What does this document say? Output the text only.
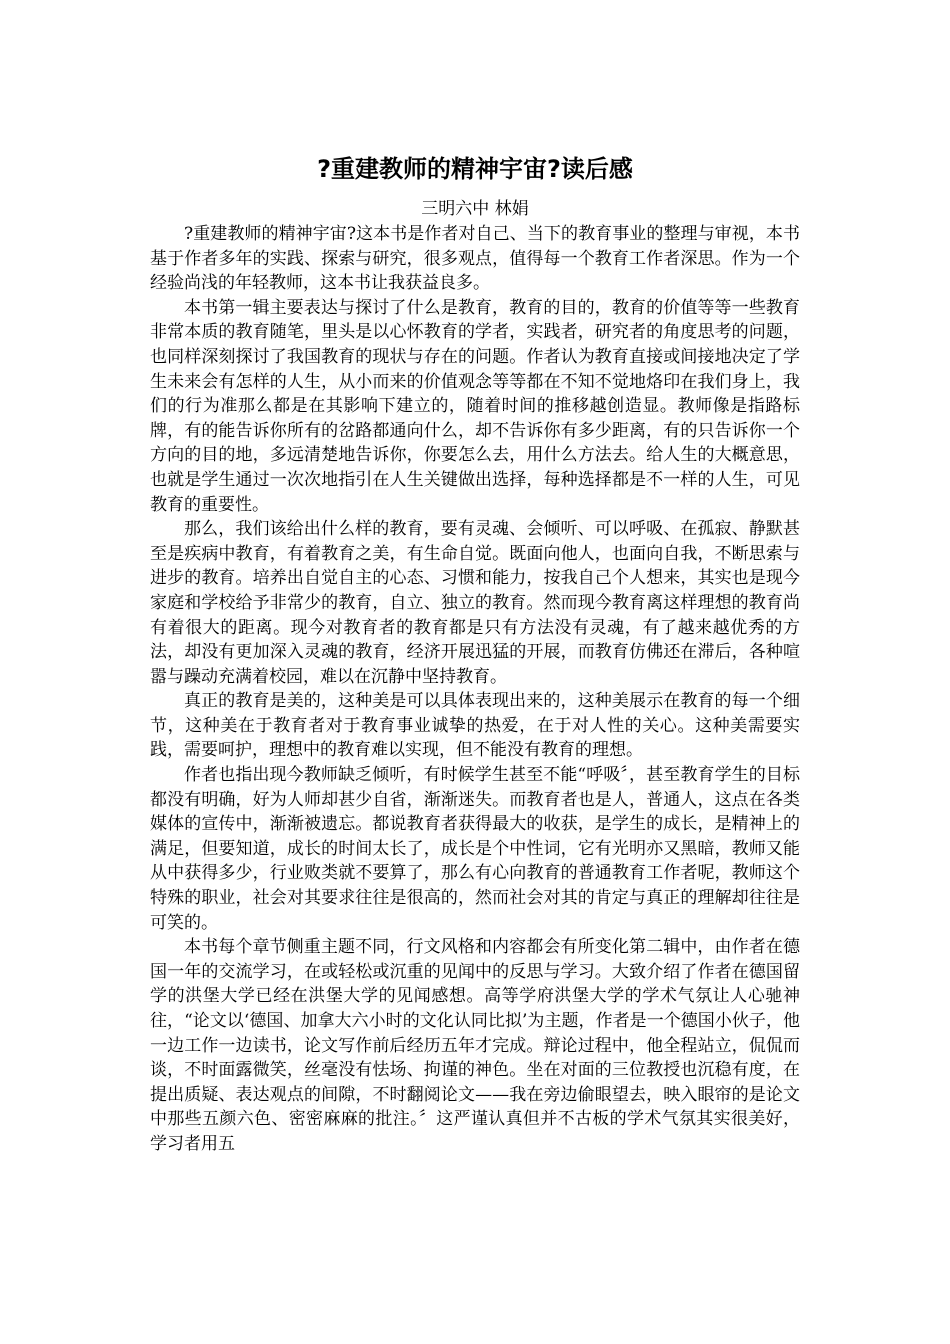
?重建教师的精神宇宙?读后感
三明六中 林娟

?重建教师的精神宇宙?这本书是作者对自己、当下的教育事业的整理与审视，本书基于作者多年的实践、探索与研究，很多观点，值得每一个教育工作者深思。作为一个经验尚浅的年轻教师，这本书让我获益良多。

本书第一辑主要表达与探讨了什么是教育，教育的目的，教育的价值等等一些教育非常本质的教育随笔，里头是以心怀教育的学者，实践者，研究者的角度思考的问题，也同样深刻探讨了我国教育的现状与存在的问题。作者认为教育直接或间接地决定了学生未来会有怎样的人生，从小而来的价值观念等等都在不知不觉地烙印在我们身上，我们的行为准那么都是在其影响下建立的，随着时间的推移越创造显。教师像是指路标牌，有的能告诉你所有的岔路都通向什么，却不告诉你有多少距离，有的只告诉你一个方向的目的地，多远清楚地告诉你，你要怎么去，用什么方法去。给人生的大概意思，也就是学生通过一次次地指引在人生关键做出选择，每种选择都是不一样的人生，可见教育的重要性。

那么，我们该给出什么样的教育，要有灵魂、会倾听、可以呼吸、在孤寂、静默甚至是疾病中教育，有着教育之美，有生命自觉。既面向他人，也面向自我，不断思索与进步的教育。培养出自觉自主的心态、习惯和能力，按我自己个人想来，其实也是现今家庭和学校给予非常少的教育，自立、独立的教育。然而现今教育离这样理想的教育尚有着很大的距离。现今对教育者的教育都是只有方法没有灵魂，有了越来越优秀的方法，却没有更加深入灵魂的教育，经济开展迅猛的开展，而教育仿佛还在滞后，各种喧嚣与躁动充满着校园，难以在沉静中坚持教育。

真正的教育是美的，这种美是可以具体表现出来的，这种美展示在教育的每一个细节，这种美在于教育者对于教育事业诚挚的热爱，在于对人性的关心。这种美需要实践，需要呵护，理想中的教育难以实现，但不能没有教育的理想。

作者也指出现今教师缺乏倾听，有时候学生甚至不能“呼吸〞，甚至教育学生的目标都没有明确，好为人师却甚少自省，渐渐迷失。而教育者也是人，普通人，这点在各类媒体的宣传中，渐渐被遗忘。都说教育者获得最大的收获，是学生的成长，是精神上的满足，但要知道，成长的时间太长了，成长是个中性词，它有光明亦又黑暗，教师又能从中获得多少，行业败类就不要算了，那么有心向教育的普通教育工作者呢，教师这个特殊的职业，社会对其要求往往是很高的，然而社会对其的肯定与真正的理解却往往是可笑的。

本书每个章节侧重主题不同，行文风格和内容都会有所变化第二辑中，由作者在德国一年的交流学习，在或轻松或沉重的见闻中的反思与学习。大致介绍了作者在德国留学的洪堡大学已经在洪堡大学的见闻感想。高等学府洪堡大学的学术气氛让人心驰神往，“论文以‘德国、加拿大六小时的文化认同比拟’为主题，作者是一个德国小伙子，他一边工作一边读书，论文写作前后经历五年才完成。辩论过程中，他全程站立，侃侃而谈，不时面露微笑，丝毫没有怯场、拘谨的神色。坐在对面的三位教授也沉稳有度，在提出质疑、表达观点的间隙，不时翻阅论文——我在旁边偷眼望去，映入眼帘的是论文中那些五颜六色、密密麻麻的批注。〞这严谨认真但并不古板的学术气氛其实很美好，学习者用五
